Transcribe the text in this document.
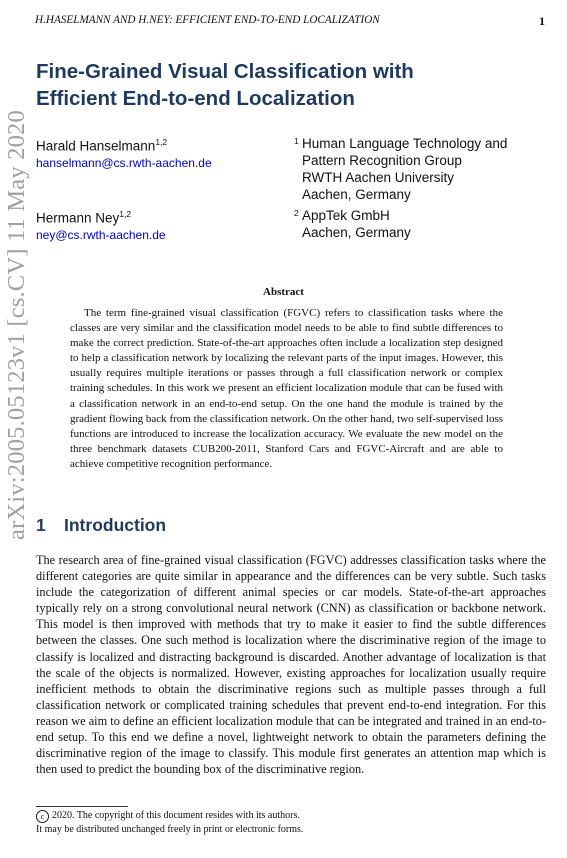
arXiv:2005.05123v1 [cs.CV] 11 May 2020
H.HASELMANN AND H.NEY: EFFICIENT END-TO-END LOCALIZATION	1
Fine-Grained Visual Classification with
Efficient End-to-end Localization
Harald Hanselmann$^{1,2}$
hanselmann@cs.rwth-aachen.de
Hermann Ney$^{1,2}$
ney@cs.rwth-aachen.de
1 Human Language Technology and
Pattern Recognition Group
RWTH Aachen University
Aachen, Germany
2 AppTek GmbH
Aachen, Germany
Abstract
The term fine-grained visual classification (FGVC) refers to classification tasks where the classes are very similar and the classification model needs to be able to find subtle differences to make the correct prediction. State-of-the-art approaches often include a localization step designed to help a classification network by localizing the relevant parts of the input images. However, this usually requires multiple iterations or passes through a full classification network or complex training schedules. In this work we present an efficient localization module that can be fused with a classification network in an end-to-end setup. On the one hand the module is trained by the gradient flowing back from the classification network. On the other hand, two self-supervised loss functions are introduced to increase the localization accuracy. We evaluate the new model on the three benchmark datasets CUB200-2011, Stanford Cars and FGVC-Aircraft and are able to achieve competitive recognition performance.
1 Introduction
The research area of fine-grained visual classification (FGVC) addresses classification tasks where the different categories are quite similar in appearance and the differences can be very subtle. Such tasks include the categorization of different animal species or car models. State-of-the-art approaches typically rely on a strong convolutional neural network (CNN) as classification or backbone network. This model is then improved with methods that try to make it easier to find the subtle differences between the classes. One such method is localization where the discriminative region of the image to classify is localized and distracting background is discarded. Another advantage of localization is that the scale of the objects is normalized. However, existing approaches for localization usually require inefficient methods to obtain the discriminative regions such as multiple passes through a full classification network or complicated training schedules that prevent end-to-end integration. For this reason we aim to define an efficient localization module that can be integrated and trained in an end-to-end setup. To this end we define a novel, lightweight network to obtain the parameters defining the discriminative region of the image to classify. This module first generates an attention map which is then used to predict the bounding box of the discriminative region.
c 2020. The copyright of this document resides with its authors.
It may be distributed unchanged freely in print or electronic forms.
